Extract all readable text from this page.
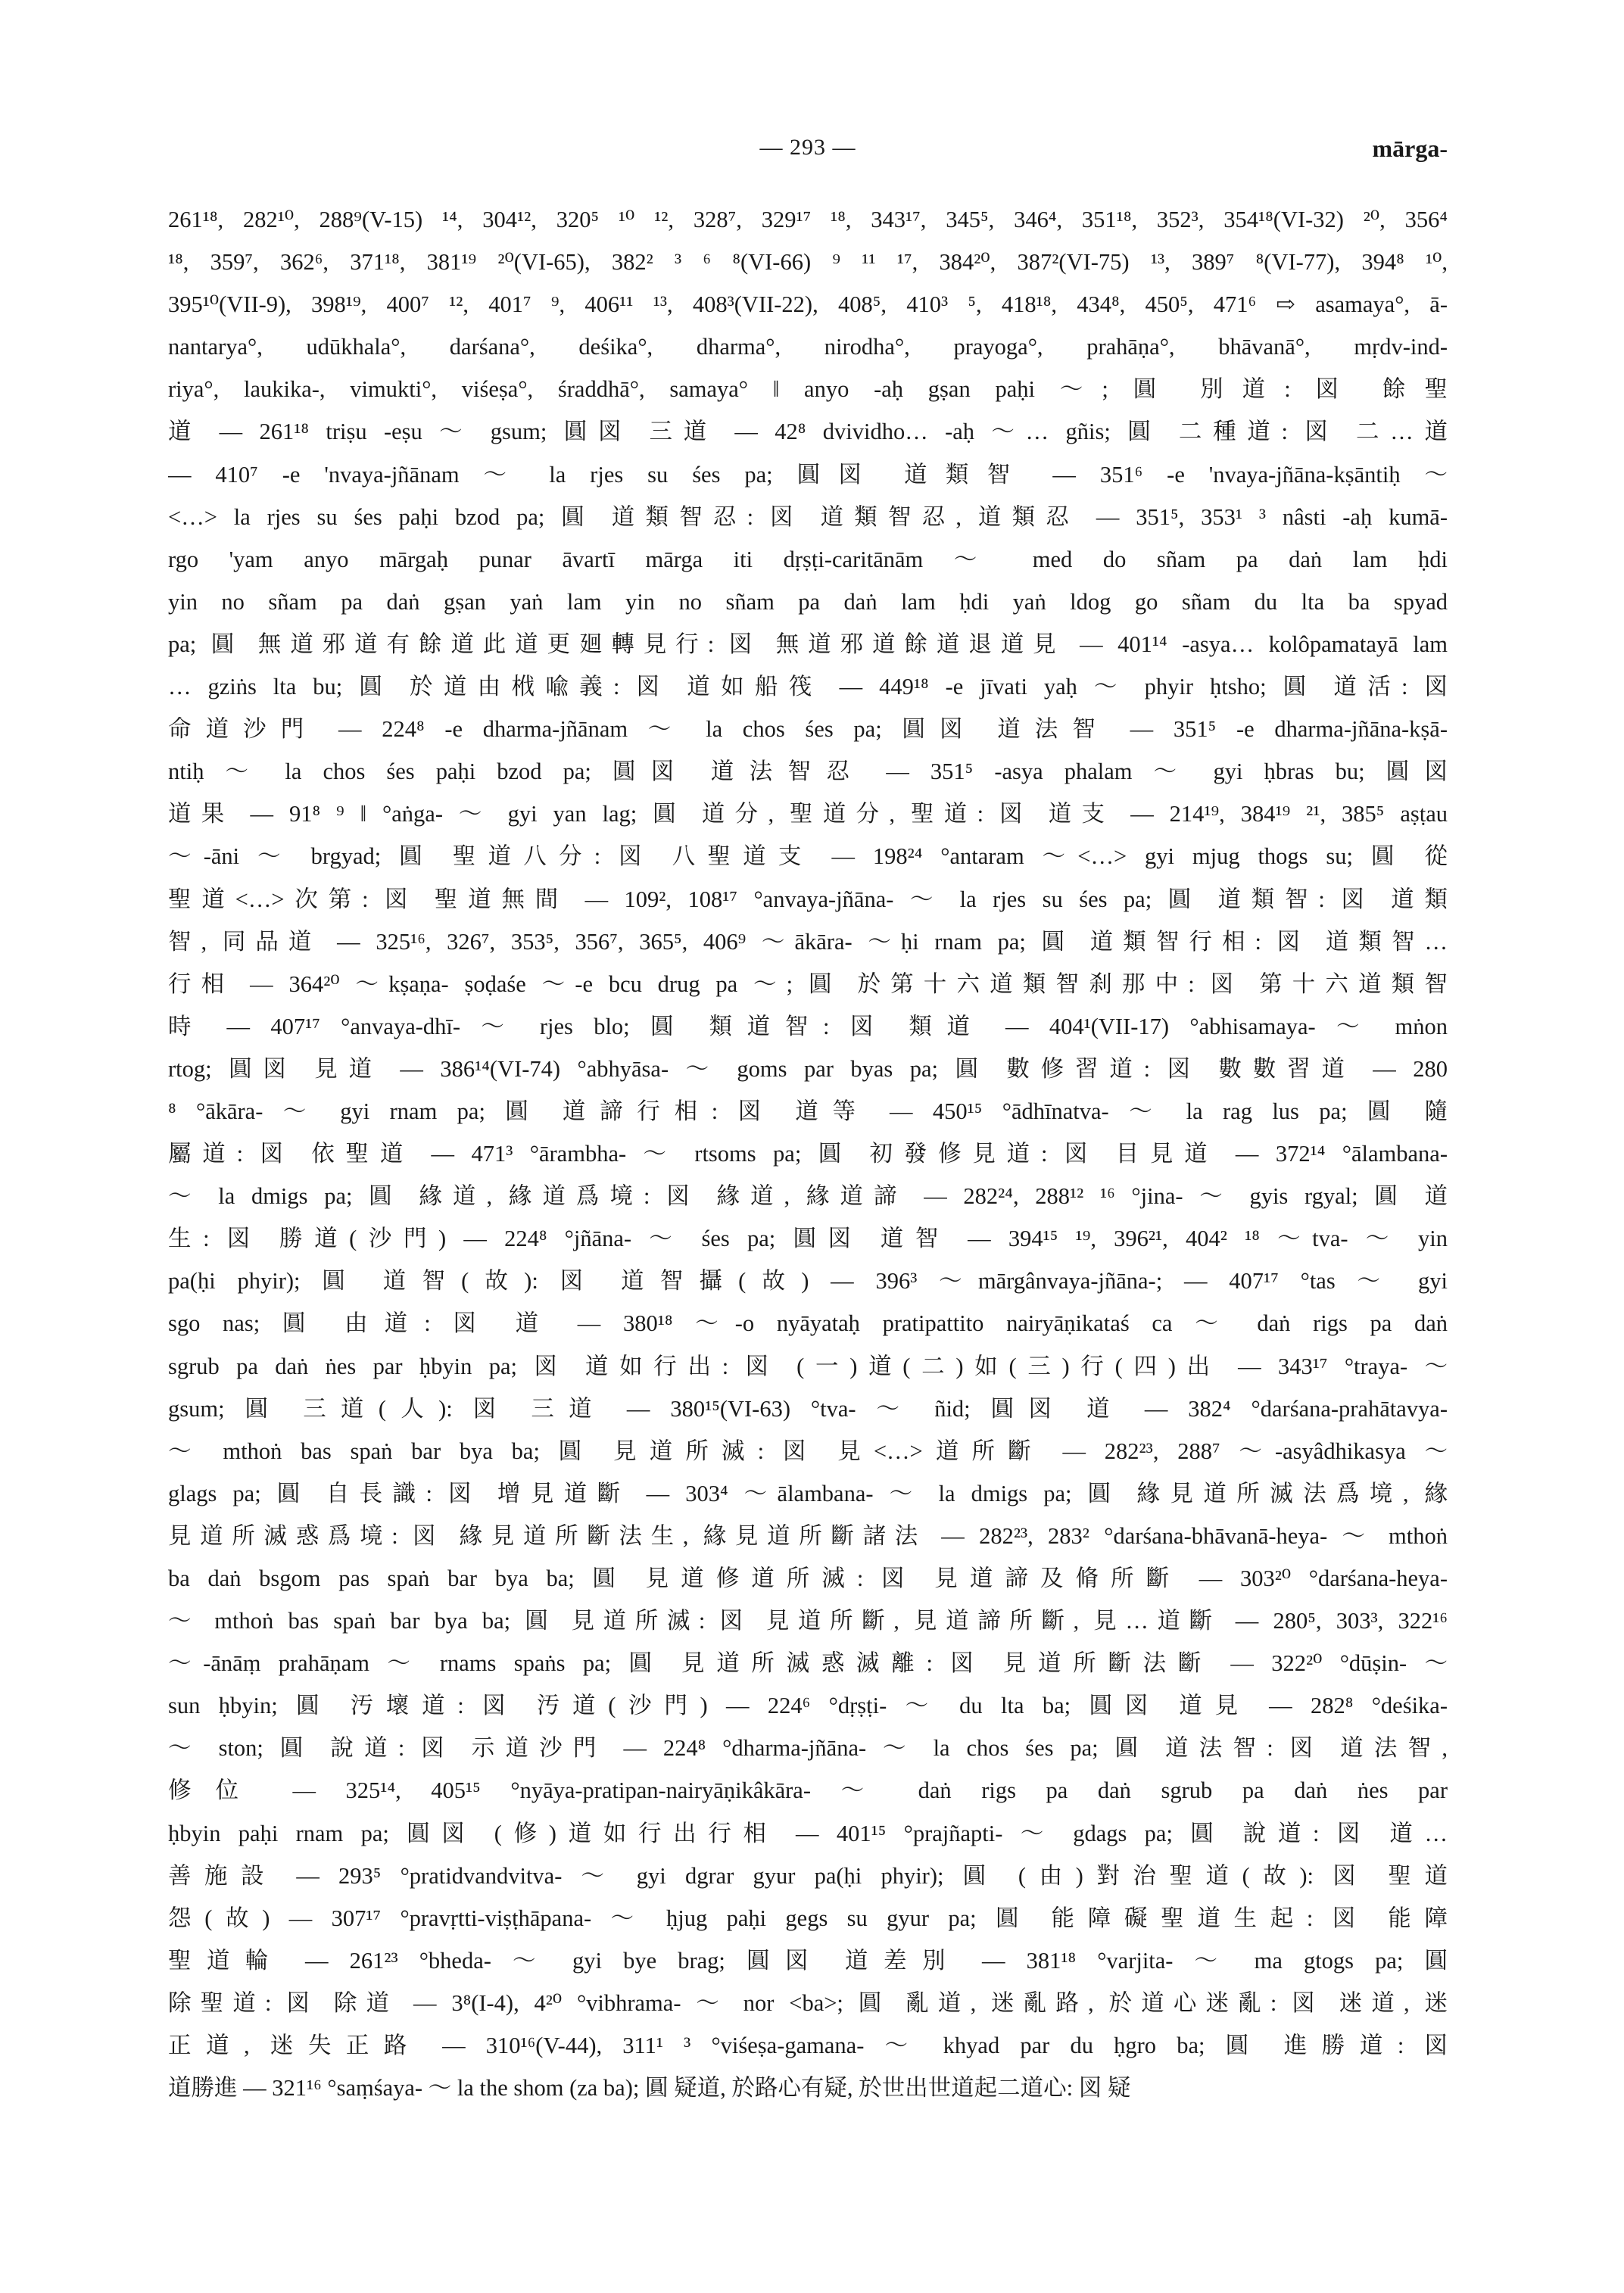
— 293 —	mārga-
261¹⁸, 282¹⁰, 288⁹(V-15) ¹⁴, 304¹², 320⁵ ¹⁰ ¹², 328⁷, 329¹⁷ ¹⁸, 343¹⁷, 345⁵, 346⁴, 351¹⁸, 352³, 354¹⁸(VI-32) ²⁰, 356⁴
¹⁸, 359⁷, 362⁶, 371¹⁸, 381¹⁹ ²⁰(VI-65), 382² ³ ⁶ ⁸(VI-66) ⁹ ¹¹ ¹⁷, 384²⁰, 387²(VI-75) ¹³, 389⁷ ⁸(VI-77), 394⁸ ¹⁰,
395¹⁰(VII-9), 398¹⁹, 400⁷ ¹², 401⁷ ⁹, 406¹¹ ¹³, 408³(VII-22), 408⁵, 410³ ⁵, 418¹⁸, 434⁸, 450⁵, 471⁶ ⇨ asamaya°, ā-
nantarya°, udūkhala°, darśana°, deśika°, dharma°, nirodha°, prayoga°, prahāṇa°, bhāvanā°, mṛdv-ind-
riya°, laukika-, vimukti°, viśeṣa°, śraddhā°, samaya° ‖ anyo -aḥ gṣan paḥi ～; 圓 別道: 図 餘聖
道 — 261¹⁸ triṣu -eṣu ～ gsum; 圓図 三道 — 42⁸ dvividho… -aḥ ～… gñis; 圓 二種道: 図 二…道
— 410⁷ -e 'nvaya-jñānam ～ la rjes su śes pa; 圓図 道類智 — 351⁶ -e 'nvaya-jñāna-kṣāntiḥ ～
<…> la rjes su śes paḥi bzod pa; 圓 道類智忍: 図 道類智忍, 道類忍 — 351⁵, 353¹ ³ nâsti -aḥ kumā-
rgo 'yam anyo mārgaḥ punar āvartī mārga iti dṛṣṭi-caritānām ～ med do sñam pa daṅ lam ḥdi
yin no sñam pa daṅ gṣan yaṅ lam yin no sñam pa daṅ lam ḥdi yaṅ ldog go sñam du lta ba spyad
pa; 圓 無道邪道有餘道此道更廻轉見行: 図 無道邪道餘道退道見 — 401¹⁴ -asya… kolôpamatayā lam
… gziṅs lta bu; 圓 於道由栰喩義: 図 道如船筏 — 449¹⁸ -e jīvati yaḥ ～ phyir ḥtsho; 圓 道活: 図
命道沙門 — 224⁸ -e dharma-jñānam ～ la chos śes pa; 圓図 道法智 — 351⁵ -e dharma-jñāna-kṣā-
ntiḥ ～ la chos śes paḥi bzod pa; 圓図 道法智忍 — 351⁵ -asya phalam ～ gyi ḥbras bu; 圓図
道果 — 91⁸ ⁹ ‖ °aṅga- ～ gyi yan lag; 圓 道分, 聖道分, 聖道: 図 道支 — 214¹⁹, 384¹⁹ ²¹, 385⁵ aṣṭau
～-āni ～ brgyad; 圓 聖道八分: 図 八聖道支 — 198²⁴ °antaram ～<…> gyi mjug thogs su; 圓 從
聖道<…>次第: 図 聖道無間 — 109², 108¹⁷ °anvaya-jñāna- ～ la rjes su śes pa; 圓 道類智: 図 道類
智, 同品道 — 325¹⁶, 326⁷, 353⁵, 356⁷, 365⁵, 406⁹ ～ākāra- ～ḥi rnam pa; 圓 道類智行相: 図 道類智…
行相 — 364²⁰ ～kṣaṇa- ṣoḍaśe ～-e bcu drug pa ～; 圓 於第十六道類智刹那中: 図 第十六道類智
時 — 407¹⁷ °anvaya-dhī- ～ rjes blo; 圓 類道智: 図 類道 — 404¹(VII-17) °abhisamaya- ～ mṅon
rtog; 圓図 見道 — 386¹⁴(VI-74) °abhyāsa- ～ goms par byas pa; 圓 數修習道: 図 數數習道 — 280
⁸ °ākāra- ～ gyi rnam pa; 圓 道諦行相: 図 道等 — 450¹⁵ °ādhīnatva- ～ la rag lus pa; 圓 隨
屬道: 図 依聖道 — 471³ °ārambha- ～ rtsoms pa; 圓 初發修見道: 図 目見道 — 372¹⁴ °ālambana-
～ la dmigs pa; 圓 緣道, 緣道爲境: 図 緣道, 緣道諦 — 282²⁴, 288¹² ¹⁶ °jina- ～ gyis rgyal; 圓 道
生: 図 勝道(沙門) — 224⁸ °jñāna- ～ śes pa; 圓図 道智 — 394¹⁵ ¹⁹, 396²¹, 404² ¹⁸ ～tva- ～ yin
pa(ḥi phyir); 圓 道智(故): 図 道智攝(故) — 396³ ～mārgânvaya-jñāna-; — 407¹⁷ °tas ～ gyi
sgo nas; 圓 由道: 図 道 — 380¹⁸ ～-o nyāyataḥ pratipattito nairyāṇikataś ca ～ daṅ rigs pa daṅ
sgrub pa daṅ ṅes par ḥbyin pa; 図 道如行出: 図 (一)道(二)如(三)行(四)出 — 343¹⁷ °traya- ～
gsum; 圓 三道(人): 図 三道 — 380¹⁵(VI-63) °tva- ～ ñid; 圓図 道 — 382⁴ °darśana-prahātavya-
～ mthoṅ bas spaṅ bar bya ba; 圓 見道所滅: 図 見<…>道所斷 — 282²³, 288⁷ ～-asyâdhikasya ～
glags pa; 圓 自長識: 図 增見道斷 — 303⁴ ～ālambana- ～ la dmigs pa; 圓 緣見道所滅法爲境, 緣
見道所滅惑爲境: 図 緣見道所斷法生, 緣見道所斷諸法 — 282²³, 283² °darśana-bhāvanā-heya- ～ mthoṅ
ba daṅ bsgom pas spaṅ bar bya ba; 圓 見道修道所滅: 図 見道諦及脩所斷 — 303²⁰ °darśana-heya-
～ mthoṅ bas spaṅ bar bya ba; 圓 見道所滅: 図 見道所斷, 見道諦所斷, 見…道斷 — 280⁵, 303³, 322¹⁶
～-ānāṃ prahāṇam ～ rnams spaṅs pa; 圓 見道所滅惑滅離: 図 見道所斷法斷 — 322²⁰ °dūṣin- ～
sun ḥbyin; 圓 汚壞道: 図 汚道(沙門) — 224⁶ °dṛṣṭi- ～ du lta ba; 圓図 道見 — 282⁸ °deśika-
～ ston; 圓 說道: 図 示道沙門 — 224⁸ °dharma-jñāna- ～ la chos śes pa; 圓 道法智: 図 道法智,
修位 — 325¹⁴, 405¹⁵ °nyāya-pratipan-nairyāṇikâkāra- ～ daṅ rigs pa daṅ sgrub pa daṅ ṅes par
ḥbyin paḥi rnam pa; 圓図 (修)道如行出行相 — 401¹⁵ °prajñapti- ～ gdags pa; 圓 說道: 図 道…
善施設 — 293⁵ °pratidvandvitva- ～ gyi dgrar gyur pa(ḥi phyir); 圓 (由)對治聖道(故): 図 聖道
怨(故) — 307¹⁷ °pravṛtti-viṣṭhāpana- ～ ḥjug paḥi gegs su gyur pa; 圓 能障礙聖道生起: 図 能障
聖道輪 — 261²³ °bheda- ～ gyi bye brag; 圓図 道差別 — 381¹⁸ °varjita- ～ ma gtogs pa; 圓
除聖道: 図 除道 — 3⁸(I-4), 4²⁰ °vibhrama- ～ nor <ba>; 圓 亂道, 迷亂路, 於道心迷亂: 図 迷道, 迷
正道, 迷失正路 — 310¹⁶(V-44), 311¹ ³ °viśeṣa-gamana- ～ khyad par du ḥgro ba; 圓 進勝道: 図
道勝進 — 321¹⁶ °saṃśaya- ～ la the shom (za ba); 圓 疑道, 於路心有疑, 於世出世道起二道心: 図 疑
